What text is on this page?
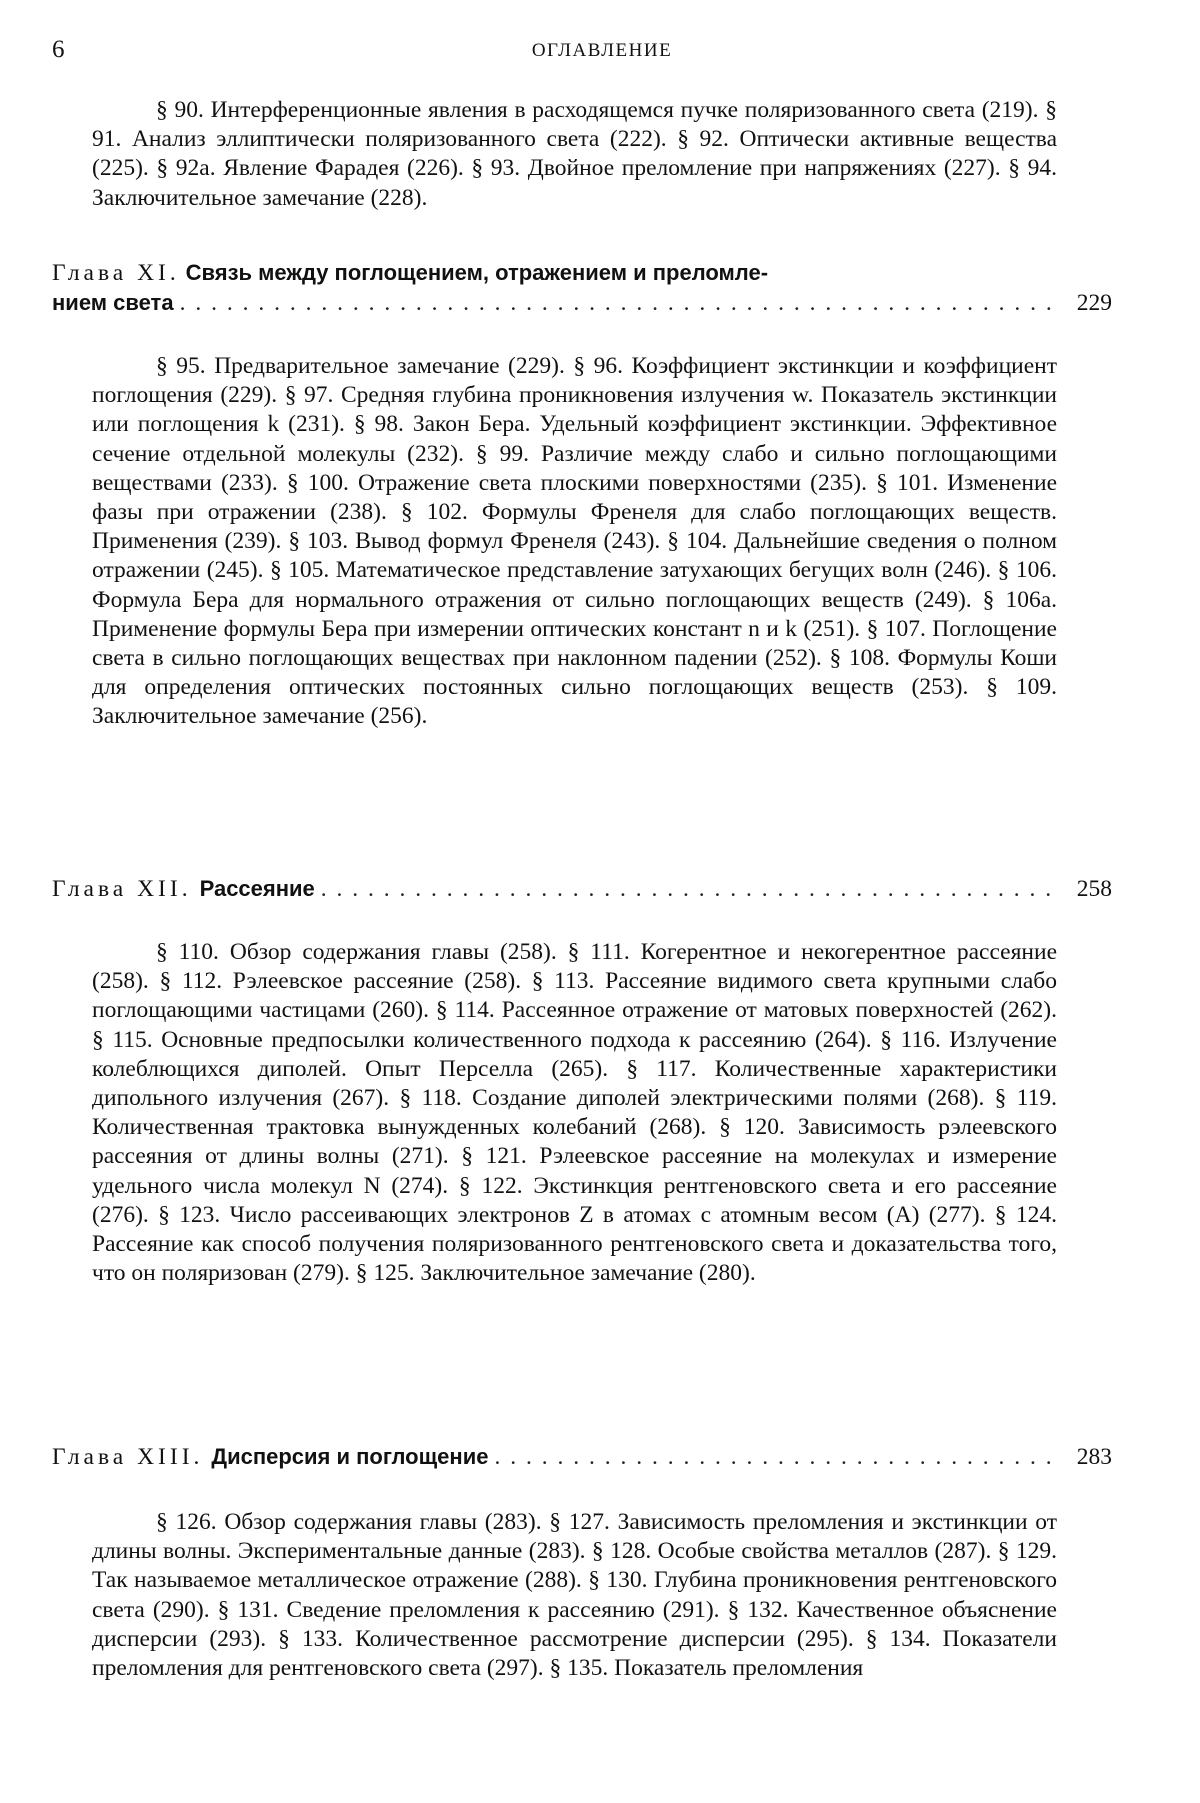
6	ОГЛАВЛЕНИЕ

§ 90. Интерференционные явления в расходящемся пучке поляризованного света (219). § 91. Анализ эллиптически поляризованного света (222). § 92. Оптически активные вещества (225). § 92а. Явление Фарадея (226). § 93. Двойное преломление при напряжениях (227). § 94. Заключительное замечание (228).

Глава XI. Связь между поглощением, отражением и преломле-
нием света . . .	229

§ 95. Предварительное замечание (229). § 96. Коэффициент экстинкции и коэффициент поглощения (229). § 97. Средняя глубина проникновения излучения w. Показатель экстинкции или поглощения k (231). § 98. Закон Бера. Удельный коэффициент экстинкции. Эффективное сечение отдельной молекулы (232). § 99. Различие между слабо и сильно поглощающими веществами (233). § 100. Отражение света плоскими поверхностями (235). § 101. Изменение фазы при отражении (238). § 102. Формулы Френеля для слабо поглощающих веществ. Применения (239). § 103. Вывод формул Френеля (243). § 104. Дальнейшие сведения о полном отражении (245). § 105. Математическое представление затухающих бегущих волн (246). § 106. Формула Бера для нормального отражения от сильно поглощающих веществ (249). § 106а. Применение формулы Бера при измерении оптических констант n и k (251). § 107. Поглощение света в сильно поглощающих веществах при наклонном падении (252). § 108. Формулы Коши для определения оптических постоянных сильно поглощающих веществ (253). § 109. Заключительное замечание (256).

Глава XII. Рассеяние . . .	258

§ 110. Обзор содержания главы (258). § 111. Когерентное и некогерентное рассеяние (258). § 112. Рэлеевское рассеяние (258). § 113. Рассеяние видимого света крупными слабо поглощающими частицами (260). § 114. Рассеянное отражение от матовых поверхностей (262). § 115. Основные предпосылки количественного подхода к рассеянию (264). § 116. Излучение колеблющихся диполей. Опыт Перселла (265). § 117. Количественные характеристики дипольного излучения (267). § 118. Создание диполей электрическими полями (268). § 119. Количественная трактовка вынужденных колебаний (268). § 120. Зависимость рэлеевского рассеяния от длины волны (271). § 121. Рэлеевское рассеяние на молекулах и измерение удельного числа молекул N (274). § 122. Экстинкция рентгеновского света и его рассеяние (276). § 123. Число рассеивающих электронов Z в атомах с атомным весом (A) (277). § 124. Рассеяние как способ получения поляризованного рентгеновского света и доказательства того, что он поляризован (279). § 125. Заключительное замечание (280).

Глава XIII. Дисперсия и поглощение . . .	283

§ 126. Обзор содержания главы (283). § 127. Зависимость преломления и экстинкции от длины волны. Экспериментальные данные (283). § 128. Особые свойства металлов (287). § 129. Так называемое металлическое отражение (288). § 130. Глубина проникновения рентгеновского света (290). § 131. Сведение преломления к рассеянию (291). § 132. Качественное объяснение дисперсии (293). § 133. Количественное рассмотрение дисперсии (295). § 134. Показатели преломления для рентгеновского света (297). § 135. Показатель преломления
